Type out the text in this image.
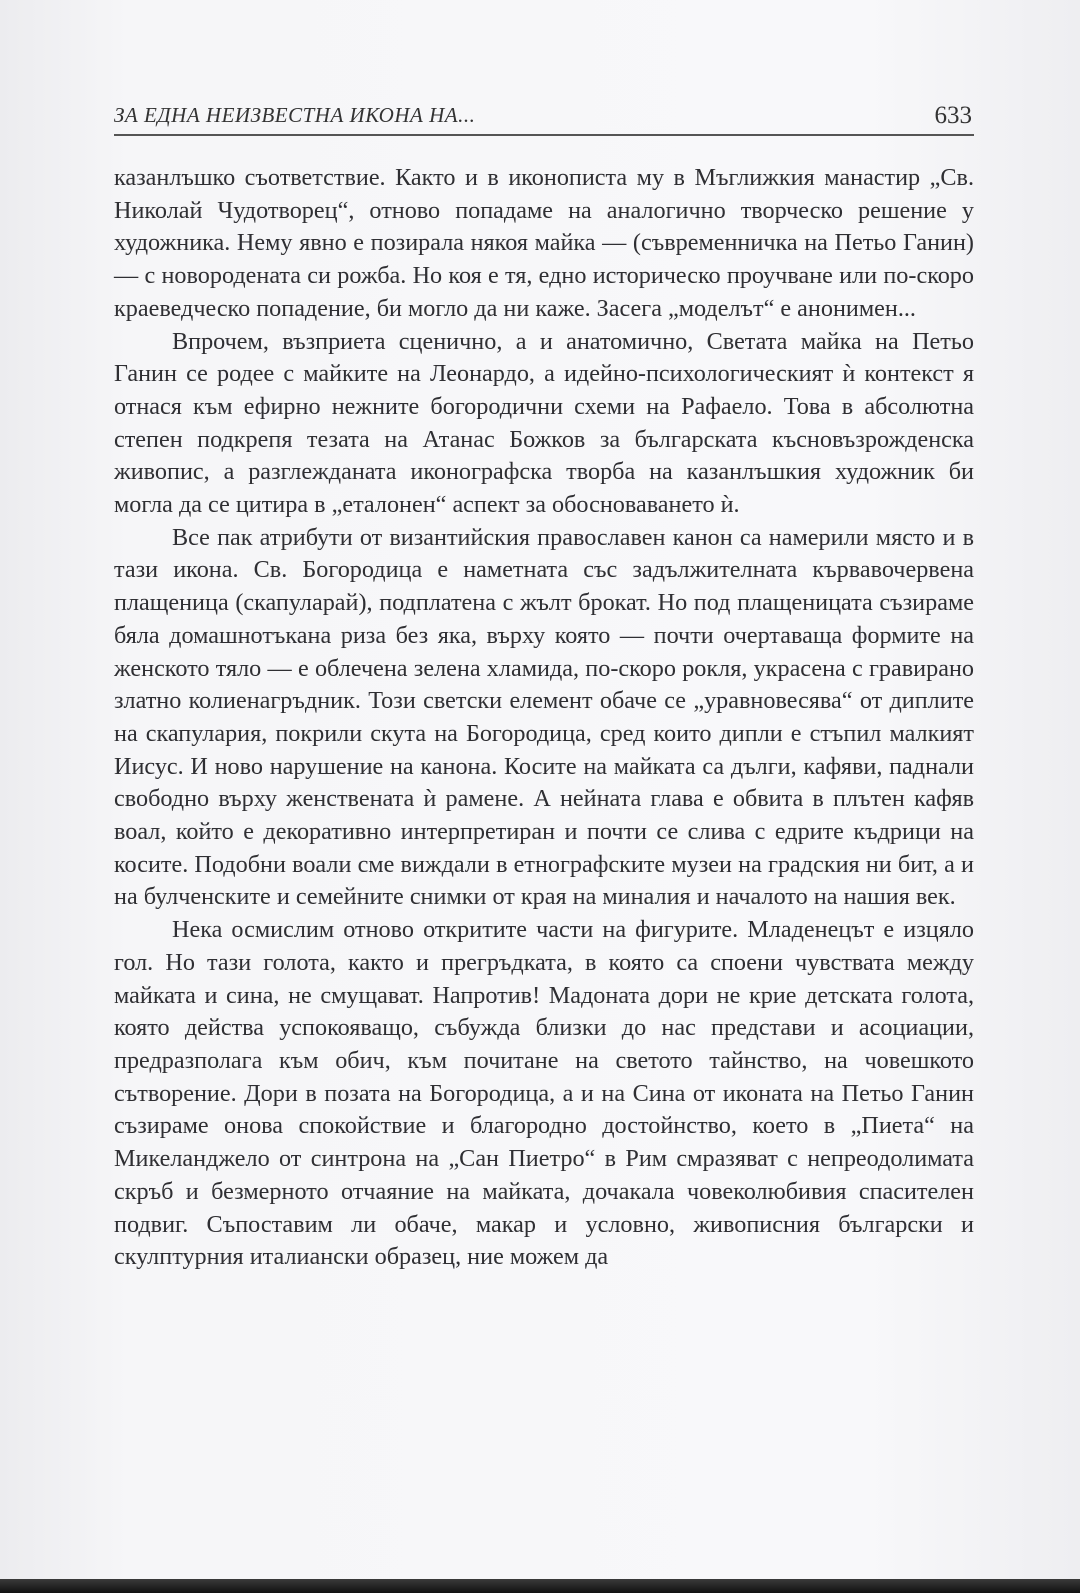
ЗА ЕДНА НЕИЗВЕСТНА ИКОНА НА...	633

казанлъшко съответствие. Както и в иконописта му в Мъглижкия манастир „Св. Николай Чудотворец“, отново попадаме на аналогично творческо решение у художника. Нему явно е позирала някоя майка — (съвременничка на Петьо Ганин) — с новородената си рожба. Но коя е тя, едно историческо проучване или по-скоро краеведческо попадение, би могло да ни каже. Засега „моделът“ е анонимен...

Впрочем, възприета сценично, а и анатомично, Светата майка на Петьо Ганин се родее с майките на Леонардо, а идейно-психологическият ѝ контекст я отнася към ефирно нежните богородични схеми на Рафаело. Това в абсолютна степен подкрепя тезата на Атанас Божков за българската късновъзрожденска живопис, а разглежданата иконографска творба на казанлъшкия художник би могла да се цитира в „еталонен“ аспект за обосноваването ѝ.

Все пак атрибути от византийския православен канон са намерили място и в тази икона. Св. Богородица е наметната със задължителната кървавочервена плащеница (скапуларай), подплатена с жълт брокат. Но под плащеницата съзираме бяла домашнотъкана риза без яка, върху която — почти очертаваща формите на женското тяло — е облечена зелена хламида, по-скоро рокля, украсена с гравирано златно колиенагръдник. Този светски елемент обаче се „уравновесява“ от диплите на скапулария, покрили скута на Богородица, сред които дипли е стъпил малкият Иисус. И ново нарушение на канона. Косите на майката са дълги, кафяви, паднали свободно върху женствената ѝ рамене. А нейната глава е обвита в плътен кафяв воал, който е декоративно интерпретиран и почти се слива с едрите къдрици на косите. Подобни воали сме виждали в етнографските музеи на градския ни бит, а и на булченските и семейните снимки от края на миналия и началото на нашия век.

Нека осмислим отново откритите части на фигурите. Младенецът е изцяло гол. Но тази голота, както и прегръдката, в която са споени чувствата между майката и сина, не смущават. Напротив! Мадоната дори не крие детската голота, която действа успокояващо, събужда близки до нас представи и асоциации, предразполага към обич, към почитане на светото тайнство, на човешкото сътворение. Дори в позата на Богородица, а и на Сина от иконата на Петьо Ганин съзираме онова спокойствие и благородно достойнство, което в „Пиета“ на Микеланджело от синтрона на „Сан Пиетро“ в Рим смразяват с непреодолимата скръб и безмерното отчаяние на майката, дочакала човеколюбивия спасителен подвиг. Съпоставим ли обаче, макар и условно, живописния български и скулптурния италиански образец, ние можем да
